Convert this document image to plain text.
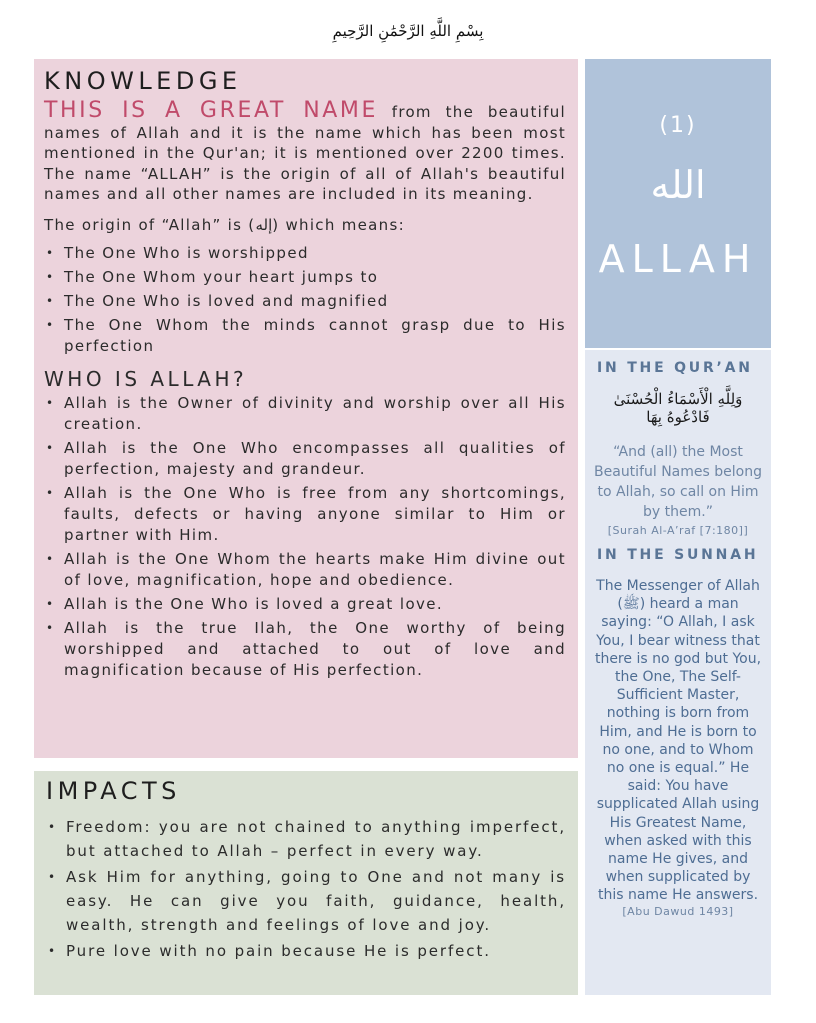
بِسْمِ اللَّهِ الرَّحْمَٰنِ الرَّحِيمِ
KNOWLEDGE

THIS IS A GREAT NAME from the beautiful names of Allah and it is the name which has been most mentioned in the Qur'an; it is mentioned over 2200 times. The name “ALLAH” is the origin of all of Allah's beautiful names and all other names are included in its meaning.

The origin of “Allah” is (إله) which means:

• The One Who is worshipped
• The One Whom your heart jumps to
• The One Who is loved and magnified
• The One Whom the minds cannot grasp due to His perfection
WHO IS ALLAH?
• Allah is the Owner of divinity and worship over all His creation.
• Allah is the One Who encompasses all qualities of perfection, majesty and grandeur.
• Allah is the One Who is free from any shortcomings, faults, defects or having anyone similar to Him or partner with Him.
• Allah is the One Whom the hearts make Him divine out of love, magnification, hope and obedience.
• Allah is the One Who is loved a great love.
• Allah is the true Ilah, the One worthy of being worshipped and attached to out of love and magnification because of His perfection.
IMPACTS
• Freedom: you are not chained to anything imperfect, but attached to Allah – perfect in every way.
• Ask Him for anything, going to One and not many is easy. He can give you faith, guidance, health, wealth, strength and feelings of love and joy.
• Pure love with no pain because He is perfect.
(1)
الله
ALLAH
IN THE QUR’AN
وَلِلَّهِ الْأَسْمَاءُ الْحُسْنَىٰ فَادْعُوهُ بِهَا

“And (all) the Most Beautiful Names belong to Allah, so call on Him by them.”

[Surah Al-A’raf [7:180]]

IN THE SUNNAH

The Messenger of Allah (ﷺ) heard a man saying: “O Allah, I ask You, I bear witness that there is no god but You, the One, The Self-Sufficient Master, nothing is born from Him, and He is born to no one, and to Whom no one is equal.” He said: You have supplicated Allah using His Greatest Name, when asked with this name He gives, and when supplicated by this name He answers.

[Abu Dawud 1493]
